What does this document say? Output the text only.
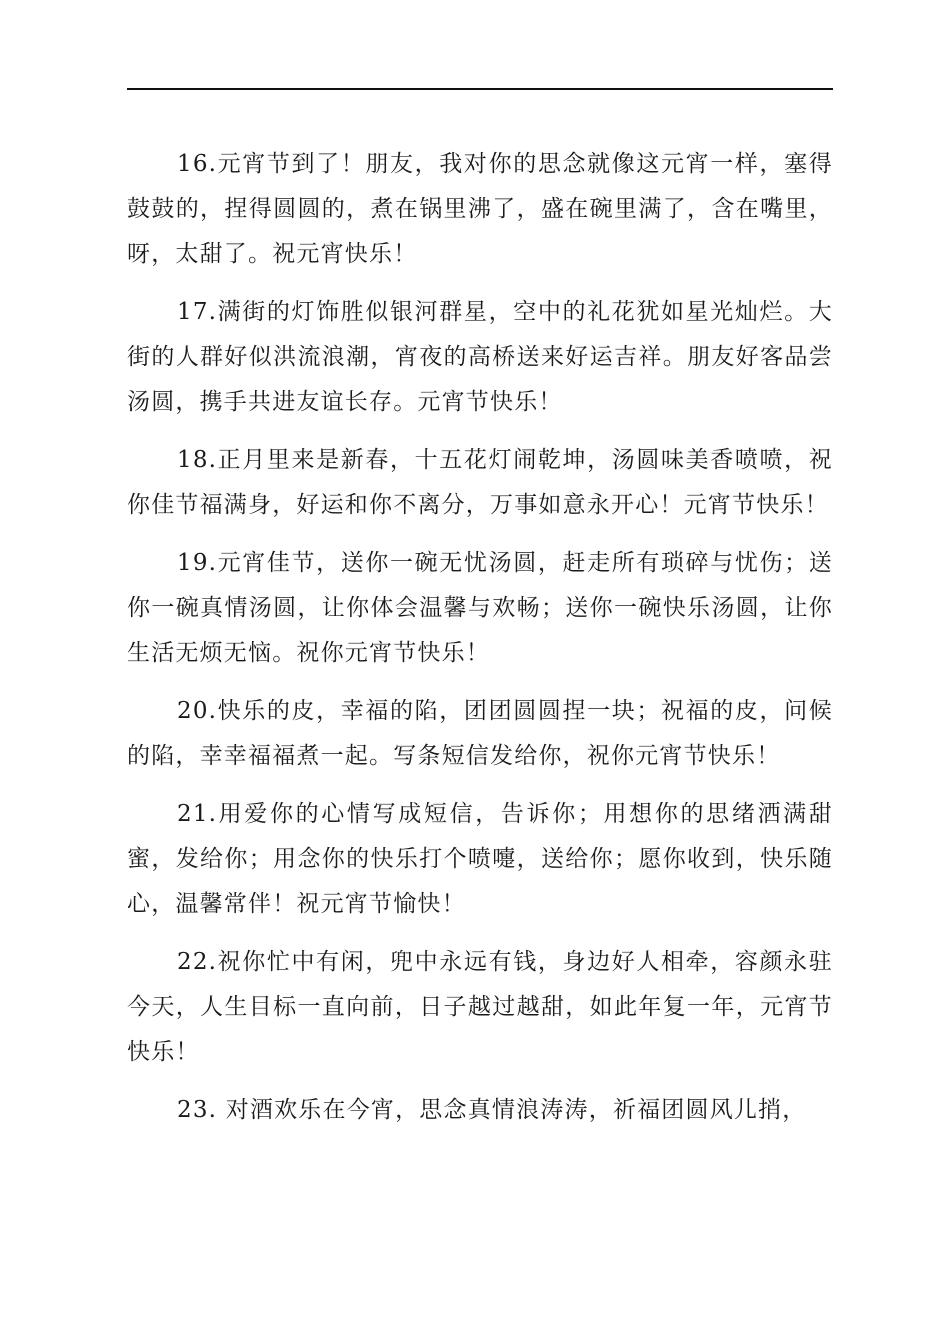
16.元宵节到了！朋友，我对你的思念就像这元宵一样，塞得鼓鼓的，捏得圆圆的，煮在锅里沸了，盛在碗里满了，含在嘴里，呀，太甜了。祝元宵快乐！

17.满街的灯饰胜似银河群星，空中的礼花犹如星光灿烂。大街的人群好似洪流浪潮，宵夜的高桥送来好运吉祥。朋友好客品尝汤圆，携手共进友谊长存。元宵节快乐！

18.正月里来是新春，十五花灯闹乾坤，汤圆味美香喷喷，祝你佳节福满身，好运和你不离分，万事如意永开心！元宵节快乐！

19.元宵佳节，送你一碗无忧汤圆，赶走所有琐碎与忧伤；送你一碗真情汤圆，让你体会温馨与欢畅；送你一碗快乐汤圆，让你生活无烦无恼。祝你元宵节快乐！

20.快乐的皮，幸福的陷，团团圆圆捏一块；祝福的皮，问候的陷，幸幸福福煮一起。写条短信发给你，祝你元宵节快乐！

21.用爱你的心情写成短信，告诉你；用想你的思绪洒满甜蜜，发给你；用念你的快乐打个喷嚏，送给你；愿你收到，快乐随心，温馨常伴！祝元宵节愉快！

22.祝你忙中有闲，兜中永远有钱，身边好人相牵，容颜永驻今天，人生目标一直向前，日子越过越甜，如此年复一年，元宵节快乐！

23. 对酒欢乐在今宵，思念真情浪涛涛，祈福团圆风儿捎，
